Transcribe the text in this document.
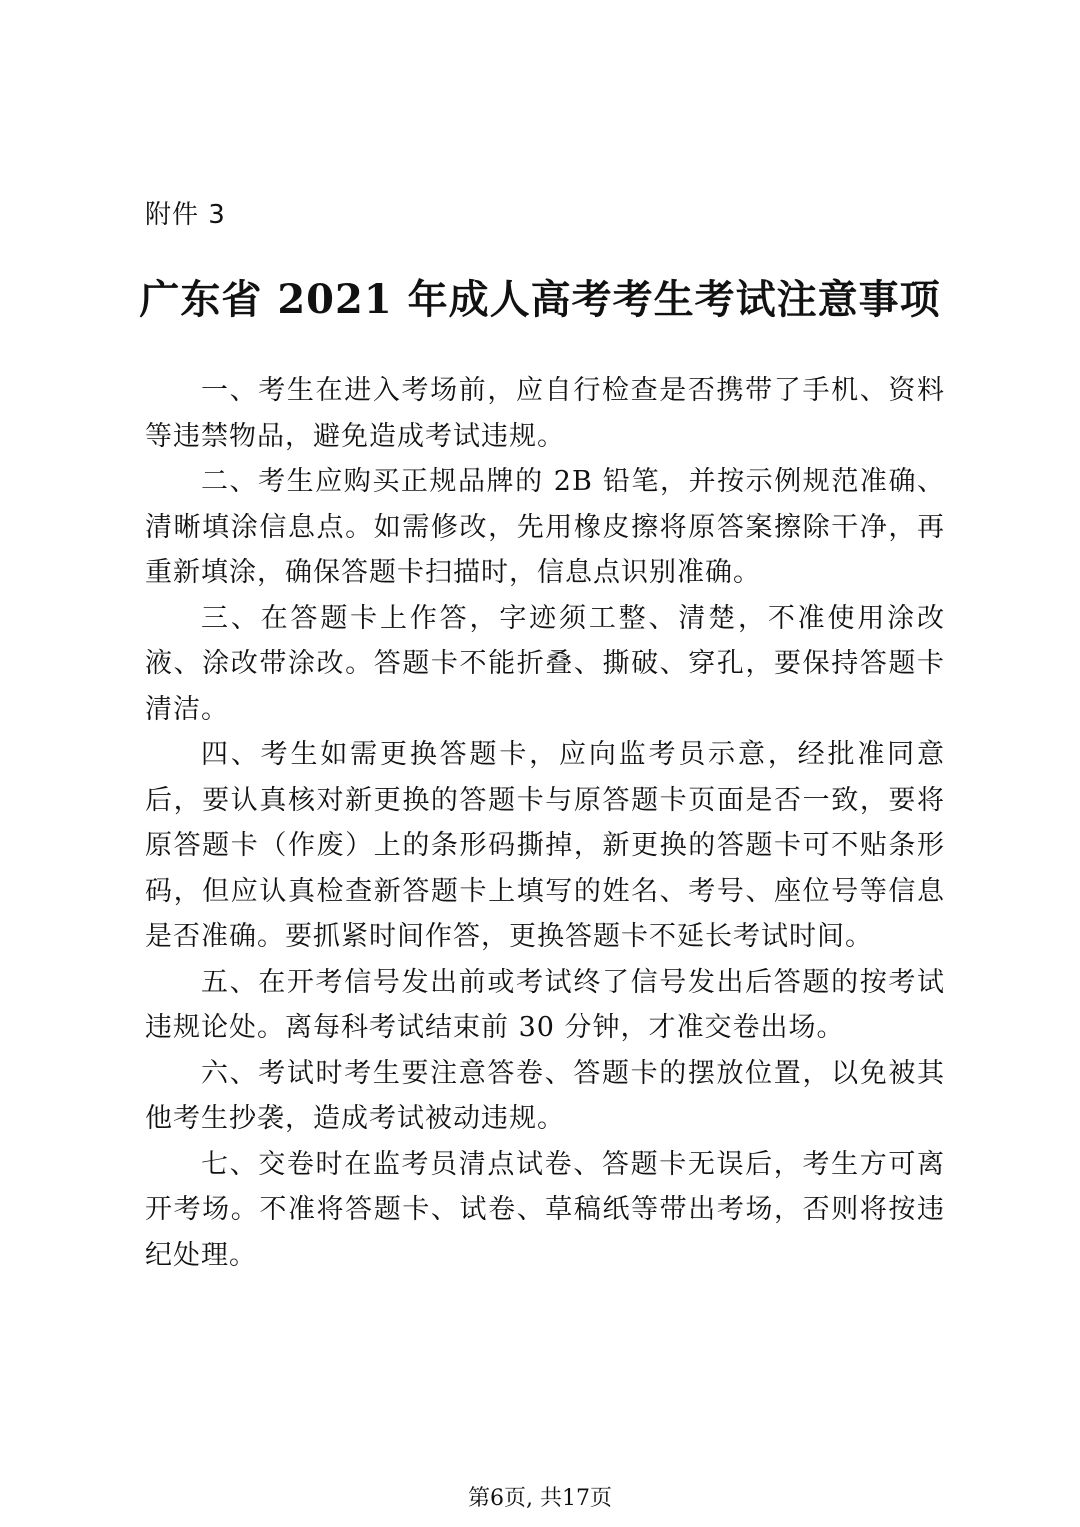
附件 3
广东省 2021 年成人高考考生考试注意事项

一、考生在进入考场前，应自行检查是否携带了手机、资料等违禁物品，避免造成考试违规。

二、考生应购买正规品牌的 2B 铅笔，并按示例规范准确、清晰填涂信息点。如需修改，先用橡皮擦将原答案擦除干净，再重新填涂，确保答题卡扫描时，信息点识别准确。

三、在答题卡上作答，字迹须工整、清楚，不准使用涂改液、涂改带涂改。答题卡不能折叠、撕破、穿孔，要保持答题卡清洁。

四、考生如需更换答题卡，应向监考员示意，经批准同意后，要认真核对新更换的答题卡与原答题卡页面是否一致，要将原答题卡（作废）上的条形码撕掉，新更换的答题卡可不贴条形码，但应认真检查新答题卡上填写的姓名、考号、座位号等信息是否准确。要抓紧时间作答，更换答题卡不延长考试时间。

五、在开考信号发出前或考试终了信号发出后答题的按考试违规论处。离每科考试结束前 30 分钟，才准交卷出场。

六、考试时考生要注意答卷、答题卡的摆放位置，以免被其他考生抄袭，造成考试被动违规。

七、交卷时在监考员清点试卷、答题卡无误后，考生方可离开考场。不准将答题卡、试卷、草稿纸等带出考场，否则将按违纪处理。

第6页, 共17页
